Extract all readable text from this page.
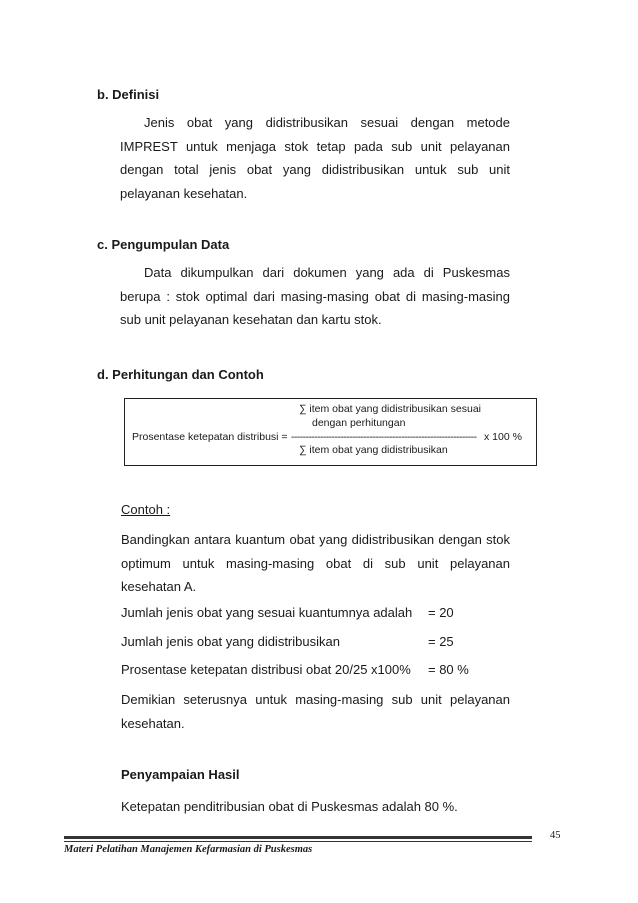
b. Definisi
Jenis obat yang didistribusikan sesuai dengan metode IMPREST untuk menjaga stok tetap pada sub unit pelayanan dengan total jenis obat yang didistribusikan untuk sub unit pelayanan kesehatan.
c. Pengumpulan Data
Data dikumpulkan dari dokumen yang ada di Puskesmas berupa : stok optimal dari masing-masing obat di masing-masing sub unit pelayanan kesehatan dan kartu stok.
d. Perhitungan dan Contoh
∑ item obat yang didistribusikan sesuai
dengan perhitungan
Prosentase ketepatan distribusi = ---------------------------------------------------------------- x 100 %
∑ item obat yang didistribusikan
Contoh :
Bandingkan antara kuantum obat yang didistribusikan dengan stok optimum untuk masing-masing obat di sub unit pelayanan kesehatan A.
Jumlah jenis obat yang sesuai kuantumnya adalah = 20
Jumlah jenis obat yang didistribusikan	= 25
Prosentase ketepatan distribusi obat 20/25 x100% = 80 %
Demikian seterusnya untuk masing-masing sub unit pelayanan kesehatan.
Penyampaian Hasil
Ketepatan penditribusian obat di Puskesmas adalah 80 %.
45
Materi Pelatihan Manajemen Kefarmasian di Puskesmas
